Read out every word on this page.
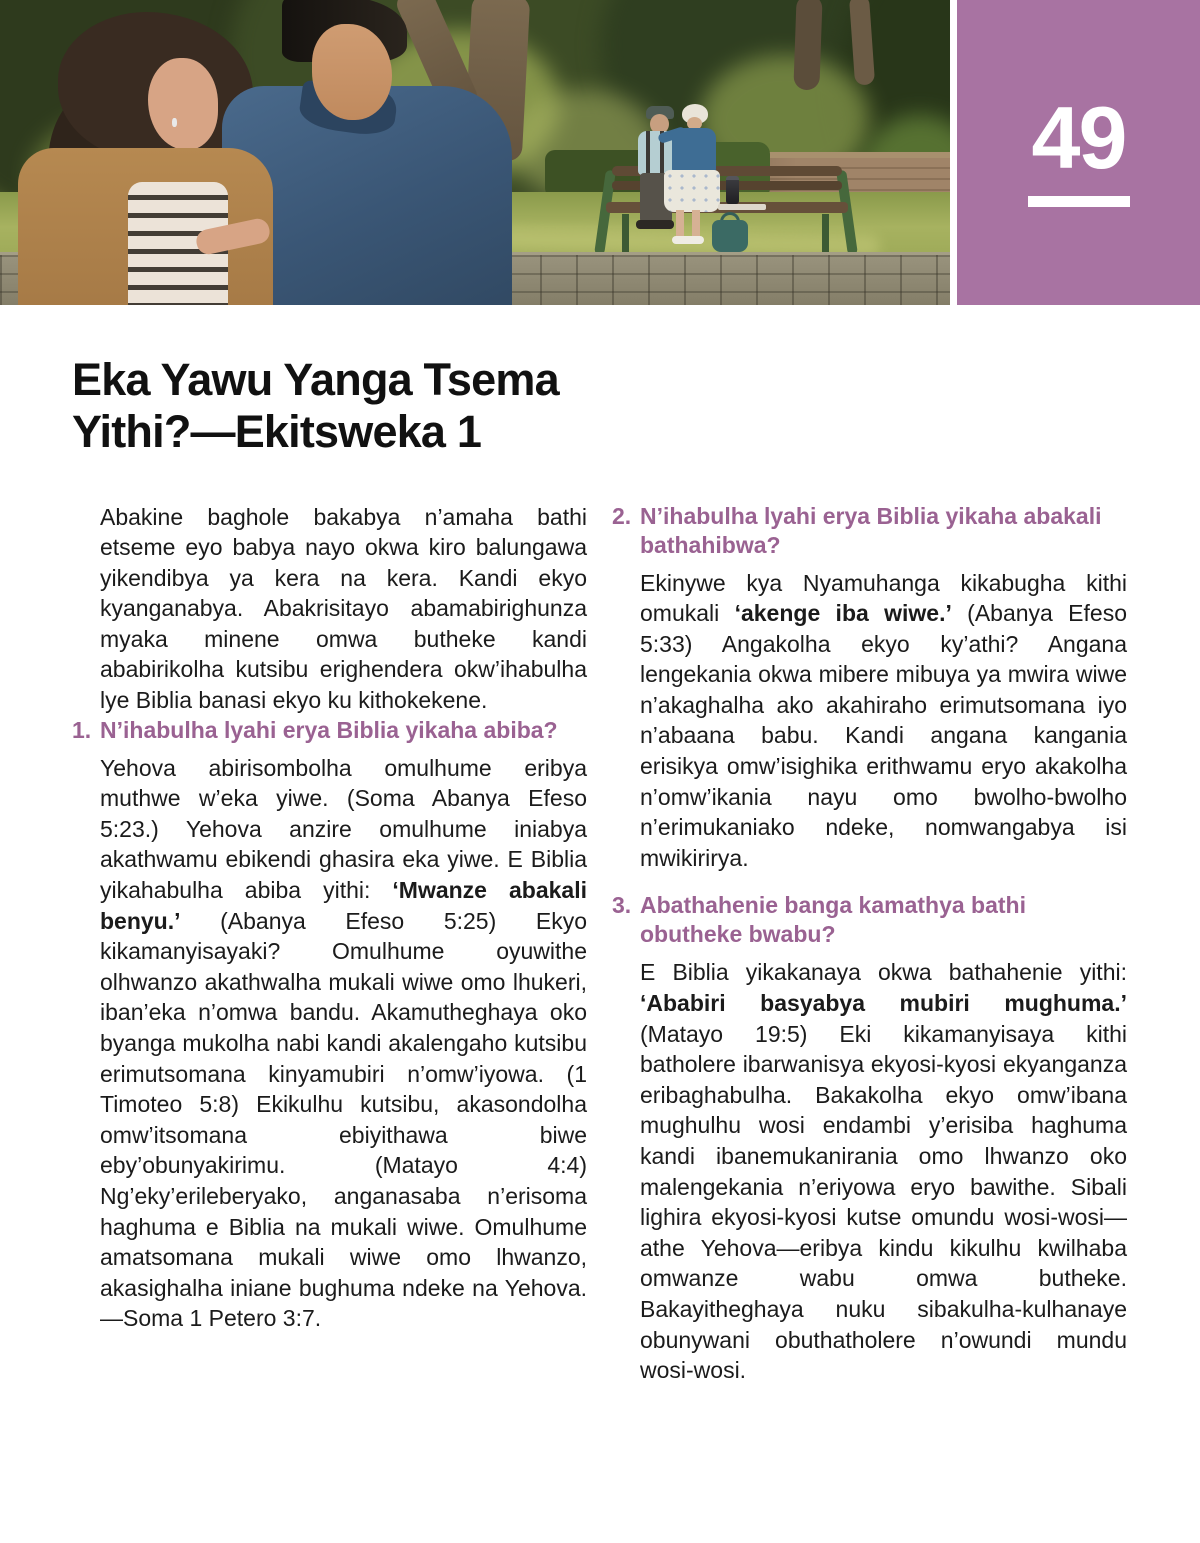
49
Eka Yawu Yanga Tsema
Yithi?—Ekitsweka 1

Abakine baghole bakabya n’amaha bathi etseme eyo babya nayo okwa kiro balungawa yikendibya ya kera na kera. Kandi ekyo kyanganabya. Abakrisitayo abamabirighunza myaka minene omwa butheke kandi ababirikolha kutsibu erighendera okw’ihabulha lye Biblia banasi ekyo ku kithokekene.

1. N’ihabulha lyahi erya Biblia yikaha abiba?

Yehova abirisombolha omulhume eribya muthwe w’eka yiwe. (Soma Abanya Efeso 5:23.) Yehova anzire omulhume iniabya akathwamu ebikendi ghasira eka yiwe. E Biblia yikahabulha abiba yithi: ‘Mwanze abakali benyu.’ (Abanya Efeso 5:25) Ekyo kikamanyisayaki? Omulhume oyuwithe olhwanzo akathwalha mukali wiwe omo lhukeri, iban’eka n’omwa bandu. Akamutheghaya oko byanga mukolha nabi kandi akalengaho kutsibu erimutsomana kinyamubiri n’omw’iyowa. (1 Timoteo 5:8) Ekikulhu kutsibu, akasondolha omw’itsomana ebiyithawa biwe eby’obunyakirimu. (Matayo 4:4) Ng’eky’erileberyako, anganasaba n’erisoma haghuma e Biblia na mukali wiwe. Omulhume amatsomana mukali wiwe omo lhwanzo, akasighalha iniane bughuma ndeke na Yehova.—Soma 1 Petero 3:7.

2. N’ihabulha lyahi erya Biblia yikaha abakali bathahibwa?

Ekinywe kya Nyamuhanga kikabugha kithi omukali ‘akenge iba wiwe.’ (Abanya Efeso 5:33) Angakolha ekyo ky’athi? Angana lengekania okwa mibere mibuya ya mwira wiwe n’akaghalha ako akahiraho erimutsomana iyo n’abaana babu. Kandi angana kangania erisikya omw’isighika erithwamu eryo akakolha n’omw’ikania nayu omo bwolho-bwolho n’erimukaniako ndeke, nomwangabya isi mwikirirya.

3. Abathahenie banga kamathya bathi obutheke bwabu?

E Biblia yikakanaya okwa bathahenie yithi: ‘Ababiri basyabya mubiri mughuma.’ (Matayo 19:5) Eki kikamanyisaya kithi batholere ibarwanisya ekyosi-kyosi ekyanganza eribaghabulha. Bakakolha ekyo omw’ibana mughulhu wosi endambi y’erisiba haghuma kandi ibanemukanirania omo lhwanzo oko malengekania n’eriyowa eryo bawithe. Sibali lighira ekyosi-kyosi kutse omundu wosi-wosi—athe Yehova—eribya kindu kikulhu kwilhaba omwanze wabu omwa butheke. Bakayitheghaya nuku sibakulha-kulhanaye obunywani obuthatholere n’owundi mundu wosi-wosi.
